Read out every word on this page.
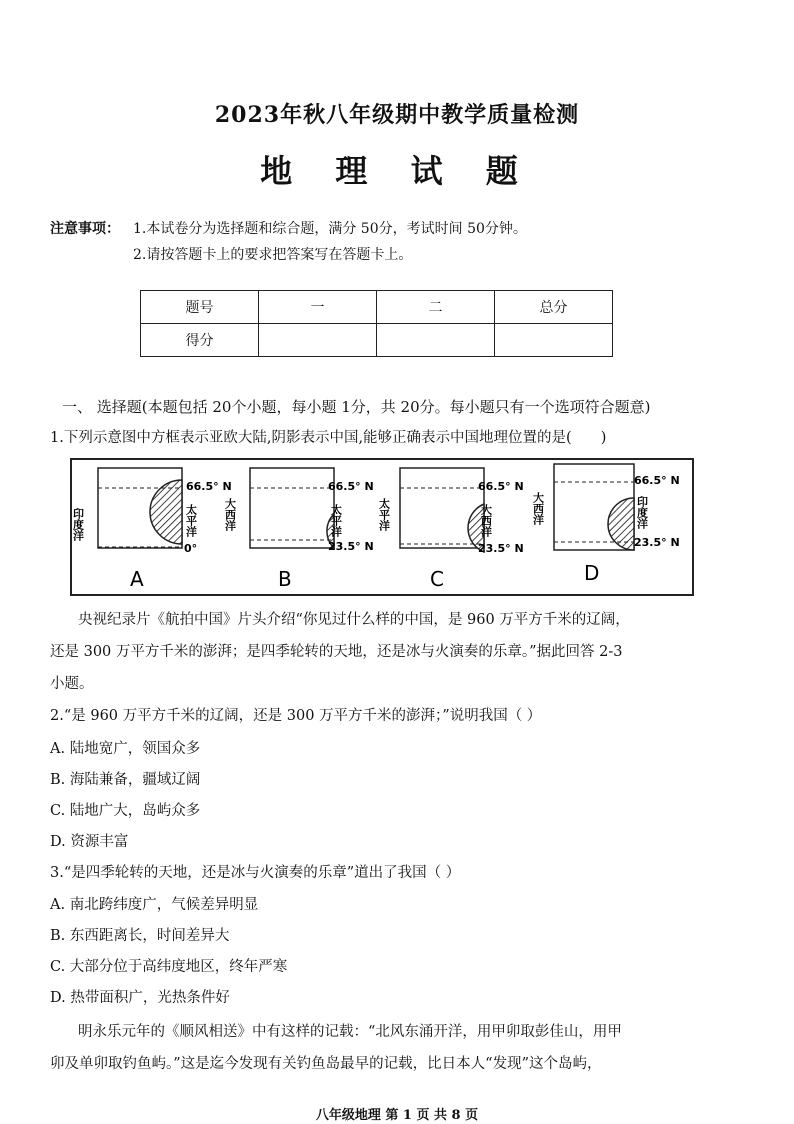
2023年秋八年级期中教学质量检测
地 理 试 题
注意事项： 1.本试卷分为选择题和综合题，满分 50分，考试时间 50分钟。
2.请按答题卡上的要求把答案写在答题卡上。
题号	一	二	总分
得分			
一、 选择题(本题包括 20个小题，每小题 1分，共 20分。每小题只有一个选项符合题意)
1.下列示意图中方框表示亚欧大陆,阴影表示中国,能够正确表示中国地理位置的是(　　)
印度洋
66.5° N
太平洋
0°
A
大西洋
66.5° N
太平洋
23.5° N
B
太平洋
66.5° N
大西洋
23.5° N
C
大西洋
66.5° N
印度洋
23.5° N
D
央视纪录片《航拍中国》片头介绍“你见过什么样的中国，是 960 万平方千米的辽阔，
还是 300 万平方千米的澎湃；是四季轮转的天地，还是冰与火演奏的乐章。”据此回答 2-3
小题。
2.“是 960 万平方千米的辽阔，还是 300 万平方千米的澎湃；”说明我国（ ）
A. 陆地宽广，领国众多
B. 海陆兼备，疆域辽阔
C. 陆地广大，岛屿众多
D. 资源丰富
3.“是四季轮转的天地，还是冰与火演奏的乐章”道出了我国（ ）
A. 南北跨纬度广，气候差异明显
B. 东西距离长，时间差异大
C. 大部分位于高纬度地区，终年严寒
D. 热带面积广，光热条件好
明永乐元年的《顺风相送》中有这样的记载：“北风东涌开洋，用甲卯取彭佳山，用甲
卯及单卯取钓鱼屿。”这是迄今发现有关钓鱼岛最早的记载，比日本人“发现”这个岛屿，
八年级地理 第 1 页 共 8 页
